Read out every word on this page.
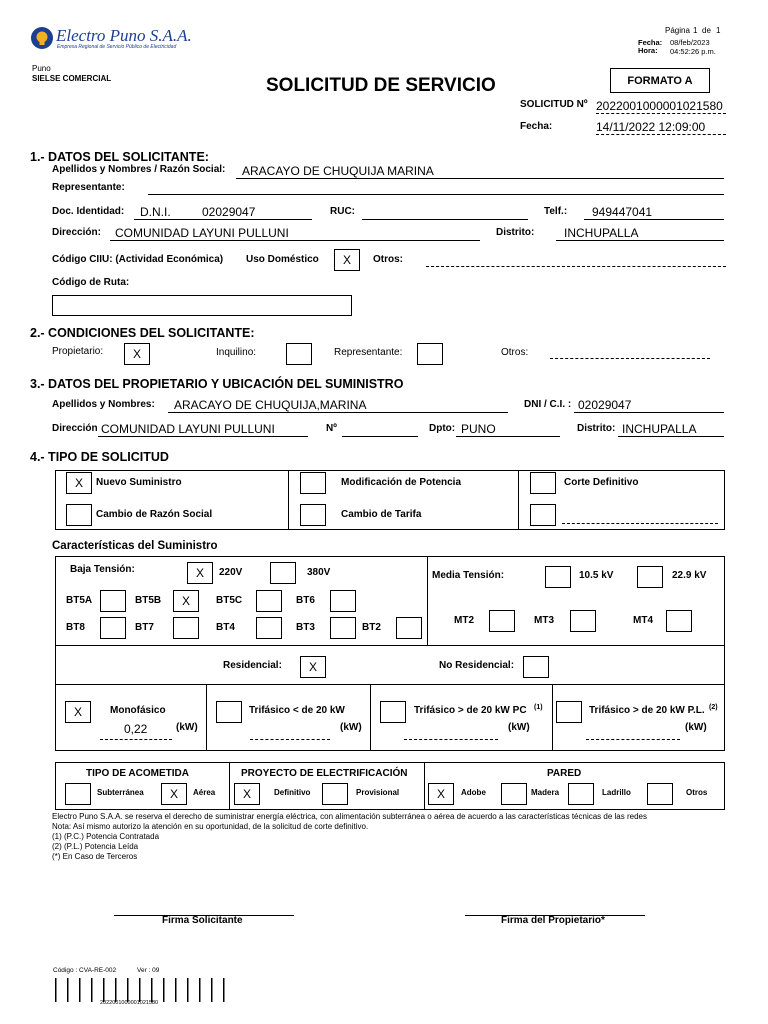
Electro Puno S.A.A.
Empresa Regional de Servicio Público de Electricidad
Página 1 de 1
Fecha: 08/feb/2023
Hora: 04:52:26 p.m.
Puno
SIELSE COMERCIAL	FORMATO A
SOLICITUD DE SERVICIO
SOLICITUD Nº 2022001000001021580
Fecha:	14/11/2022 12:09:00
1.- DATOS DEL SOLICITANTE:
Apellidos y Nombres / Razón Social: ARACAYO DE CHUQUIJA MARINA
Representante:
Doc. Identidad: D.N.I.	02029047	RUC:	Telf.: 949447041
Dirección: COMUNIDAD LAYUNI PULLUNI	Distrito: INCHUPALLA
Código CIIU: (Actividad Económica) Uso Doméstico X Otros:
Código de Ruta:
2.- CONDICIONES DEL SOLICITANTE:
Propietario: X	Inquilino:	Representante:	Otros:
3.- DATOS DEL PROPIETARIO Y UBICACIÓN DEL SUMINISTRO
Apellidos y Nombres: ARACAYO DE CHUQUIJA,MARINA	DNI / C.I. : 02029047
Dirección COMUNIDAD LAYUNI PULLUNI	Nº	Dpto: PUNO	Distrito: INCHUPALLA
4.- TIPO DE SOLICITUD
X Nuevo Suministro	Modificación de Potencia	Corte Definitivo
Cambio de Razón Social	Cambio de Tarifa
Características del Suministro
Baja Tensión:	X 220V	380V
BT5A	BT5B X	BT5C	BT6
BT8	BT7	BT4	BT3	BT2
Media Tensión:	10.5 kV	22.9 kV
MT2	MT3	MT4
Residencial: X	No Residencial:
X	Monofásico
0,22	(kW)
Trifásico < de 20 kW
(kW)
Trifásico > de 20 kW PC (1)
(kW)
Trifásico > de 20 kW P.L. (2)
(kW)
TIPO DE ACOMETIDA
Subterránea X Aérea
PROYECTO DE ELECTRIFICACIÓN
X	Definitivo	Provisional
PARED
X Adobe	Madera	Ladrillo	Otros
Electro Puno S.A.A. se reserva el derecho de suministrar energía eléctrica, con alimentación subterránea o aérea de acuerdo a las características técnicas de las redes
Nota: Así mismo autorizo la atención en su oportunidad, de la solicitud de corte definitivo.
(1) (P.C.) Potencia Contratada
(2) (P.L.) Potencia Leída
(*) En Caso de Terceros
Firma Solicitante	Firma del Propietario*
Código : CVA-RE-002	Ver : 09
2022001000001021580
